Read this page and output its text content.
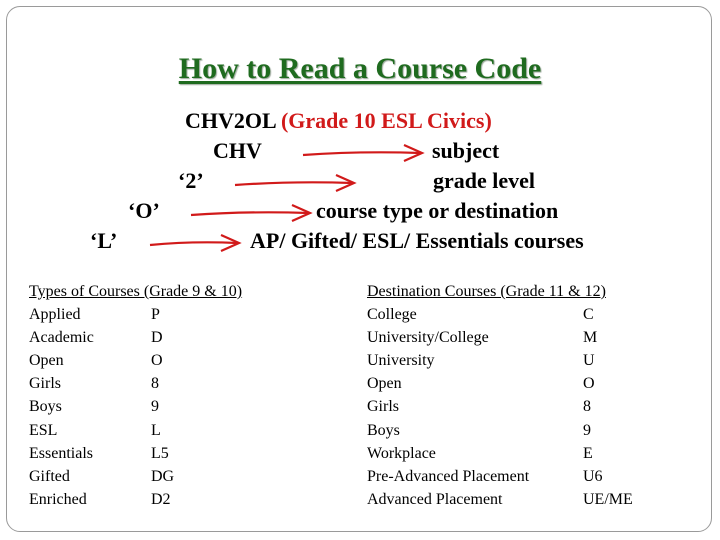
How to Read a Course Code
CHV2OL (Grade 10 ESL Civics)
CHV	subject
‘2’	grade level
‘O’	course type or destination
‘L’	AP/ Gifted/ ESL/ Essentials courses
Types of Courses (Grade 9 & 10)
Applied	P
Academic	D
Open	O
Girls	8
Boys	9
ESL	L
Essentials	L5
Gifted	DG
Enriched	D2
Destination Courses (Grade 11 & 12)
College	C
University/College	M
University	U
Open	O
Girls	8
Boys	9
Workplace	E
Pre-Advanced Placement	U6
Advanced Placement	UE/ME
